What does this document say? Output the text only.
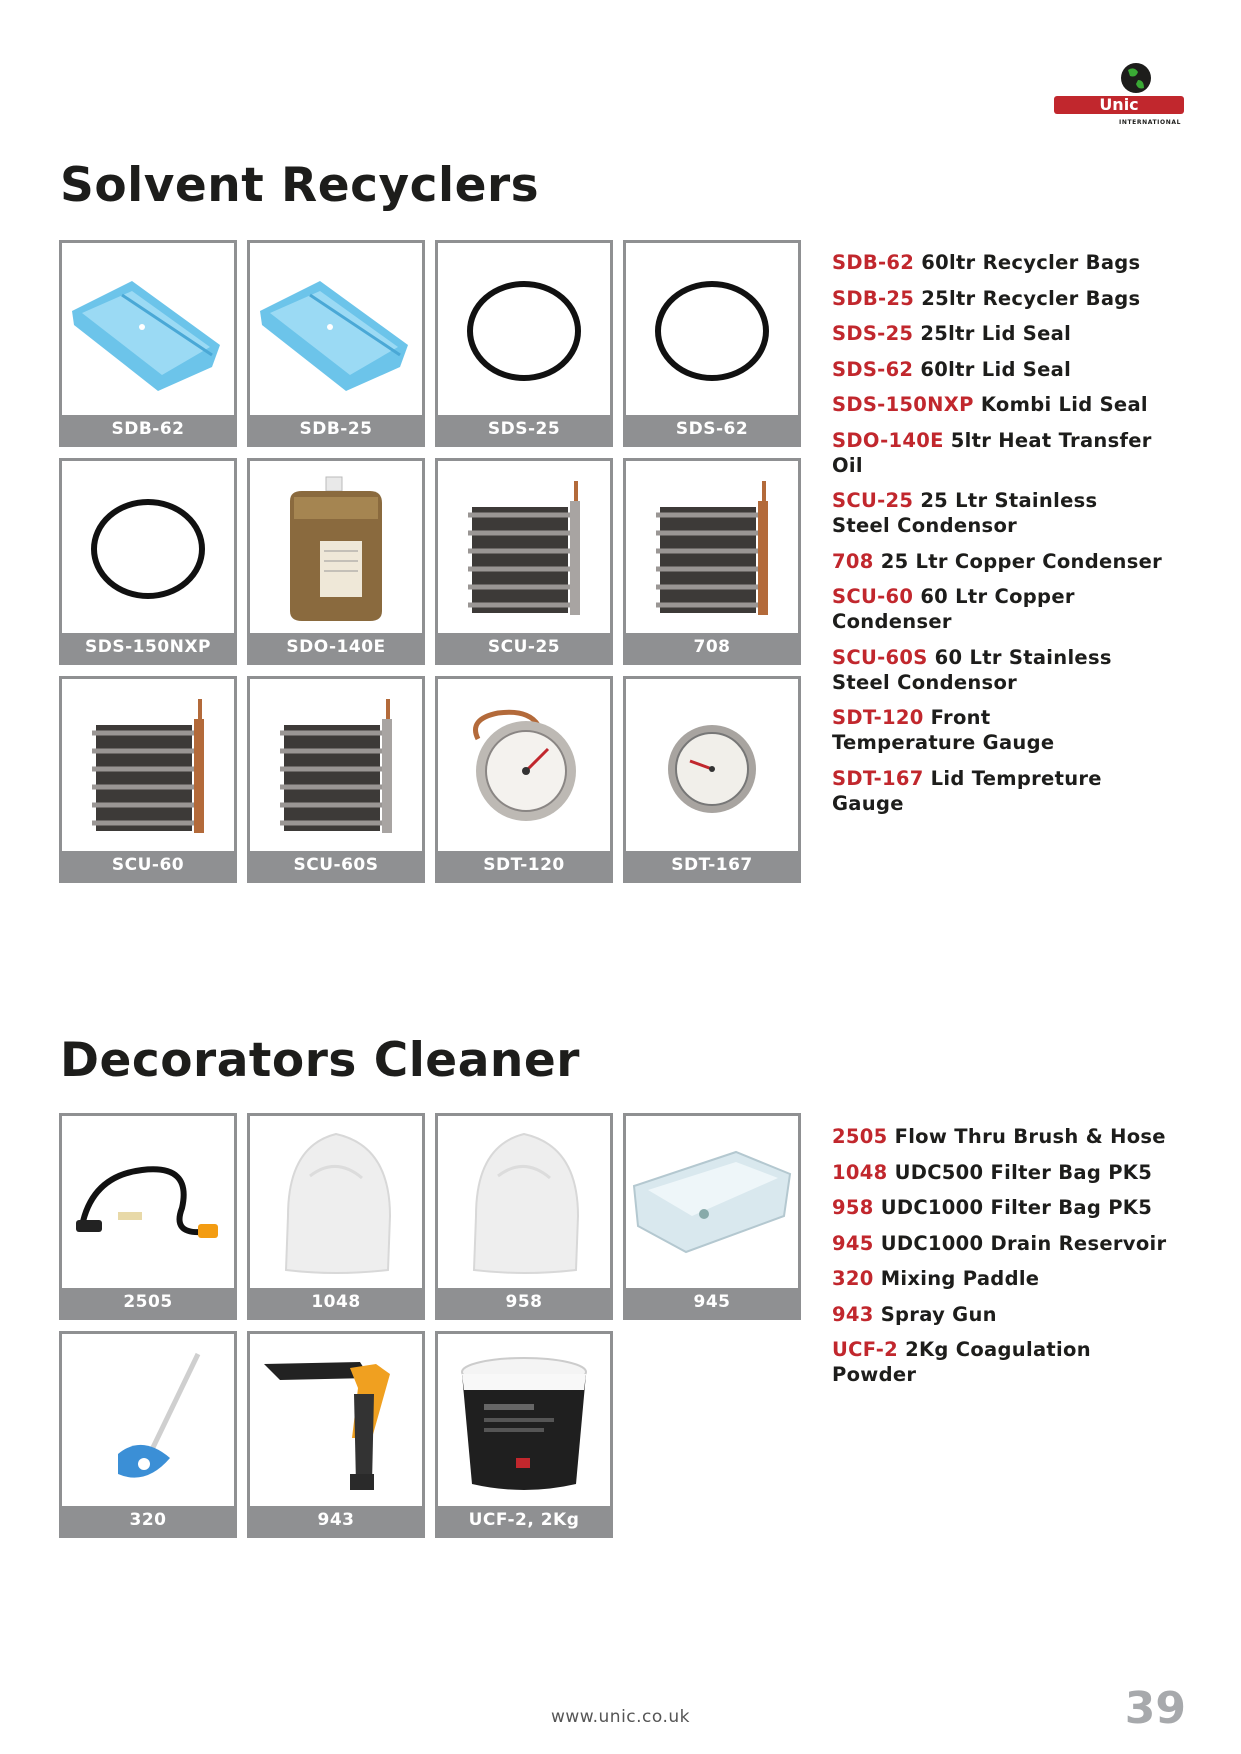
Unic
INTERNATIONAL
Solvent Recyclers
SDB-62	SDB-25	SDS-25	SDS-62
SDS-150NXP	SDO-140E	SCU-25	708
SCU-60	SCU-60S	SDT-120	SDT-167
SDB-62 60ltr Recycler Bags
SDB-25 25ltr Recycler Bags
SDS-25 25ltr Lid Seal
SDS-62 60ltr Lid Seal
SDS-150NXP Kombi Lid Seal
SDO-140E 5ltr Heat Transfer Oil
SCU-25 25 Ltr Stainless Steel Condensor
708 25 Ltr Copper Condenser
SCU-60 60 Ltr Copper Condenser
SCU-60S 60 Ltr Stainless Steel Condensor
SDT-120 Front Temperature Gauge
SDT-167 Lid Tempreture Gauge
Decorators Cleaner
2505	1048	958	945
320	943	UCF-2, 2Kg
2505 Flow Thru Brush & Hose
1048 UDC500 Filter Bag PK5
958 UDC1000 Filter Bag PK5
945 UDC1000 Drain Reservoir
320 Mixing Paddle
943 Spray Gun
UCF-2 2Kg Coagulation Powder
www.unic.co.uk	39
